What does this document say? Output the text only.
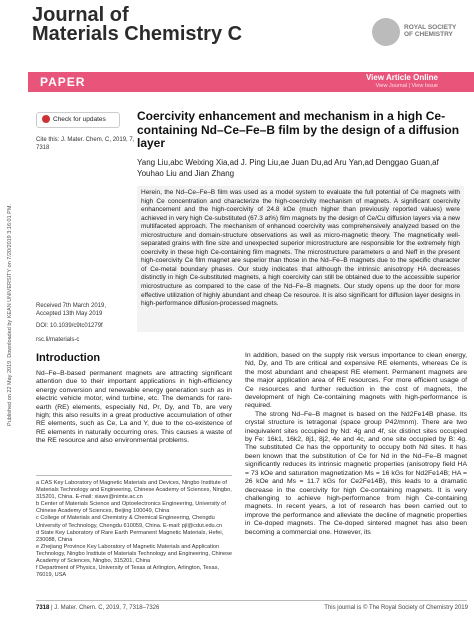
Journal of
Materials Chemistry C	ROYAL SOCIETY
OF CHEMISTRY
PAPER	View Article Online
View Journal | View Issue
Published on 22 May 2019. Downloaded by KEAN UNIVERSITY on 7/20/2019 3:16:01 PM.
Check for updates
Cite this: J. Mater. Chem. C, 2019, 7, 7318
Received 7th March 2019,
Accepted 13th May 2019
DOI: 10.1039/c9tc01279f
rsc.li/materials-c
Coercivity enhancement and mechanism in a high Ce-containing Nd–Ce–Fe–B film by the design of a diffusion layer
Yang Liu,abc Weixing Xia,ad J. Ping Liu,ae Juan Du,ad Aru Yan,ad Denggao Guan,af Youhao Liu and Jian Zhang

Herein, the Nd–Ce–Fe–B film was used as a model system to evaluate the full potential of Ce magnets with high Ce concentration and characterize the high-coercivity mechanism of magnets. A significant coercivity enhancement and the high-coercivity of 24.8 kOe (much higher than previously reported values) were achieved in very high Ce-substituted (67.3 at%) film magnets by the design of Ce/Cu diffusion layers via a new multifaceted approach. The mechanism of enhanced coercivity was comprehensively analyzed based on the microstructure and domain-structure observations as well as micro-magnetic theory. The magnetically well-separated grains with fine size and unexpected superior microstructure are responsible for the extremely high coercivity in these high Ce-containing film magnets. The microstructure parameters α and Neff in the present high-coercivity Ce film magnet are superior than those in the Nd–Fe–B magnets due to the specific character of Ce-metal boundary phases. Our study indicates that although the intrinsic anisotropy HA decreases distinctly in high Ce-substituted magnets, a high coercivity can still be obtained due to the accessible superior microstructure as compared to the case of the Nd–Fe–B magnets. Our study opens up the door for more effective utilization of highly abundant and cheap Ce resource. It is also significant for diffusion layer designs in high-performance diffusion-processed magnets.

Introduction

Nd–Fe–B-based permanent magnets are attracting significant attention due to their important applications in high-efficiency energy conversion and renewable energy generation such as in electric vehicle motor, wind turbine, etc. The demands for rare-earth (RE) elements, especially Nd, Pr, Dy, and Tb, are very high; this also results in a great productive accumulation of other RE elements, such as Ce, La and Y, due to the co-existence of RE elements in naturally occurring ores. This causes a waste of the RE resource and also environmental problems.

a CAS Key Laboratory of Magnetic Materials and Devices, Ningbo Institute of Materials Technology and Engineering, Chinese Academy of Sciences, Ningbo, 315201, China. E-mail: xiawx@nimte.ac.cn
b Center of Materials Science and Optoelectronics Engineering, University of Chinese Academy of Sciences, Beijing 100049, China
c College of Materials and Chemistry & Chemical Engineering, Chengdu University of Technology, Chengdu 610059, China. E-mail: pjl@cdut.edu.cn
d State Key Laboratory of Rare Earth Permanent Magnetic Materials, Hefei, 230088, China
e Zhejiang Province Key Laboratory of Magnetic Materials and Application Technology, Ningbo Institute of Materials Technology and Engineering, Chinese Academy of Sciences, Ningbo, 315201, China
f Department of Physics, University of Texas at Arlington, Arlington, Texas, 76019, USA

In addition, based on the supply risk versus importance to clean energy, Nd, Dy, and Tb are critical and expensive RE elements, whereas Ce is the most abundant and cheapest RE element. Permanent magnets are the major application area of RE resources. For more efficient usage of Ce resources and further reduction in the cost of magnets, the development of high Ce-containing magnets with high-performance is required.

The strong Nd–Fe–B magnet is based on the Nd2Fe14B phase. Its crystal structure is tetragonal (space group P42/mnm). There are two inequivalent sites occupied by Nd: 4g and 4f, six distinct sites occupied by Fe: 16k1, 16k2, 8j1, 8j2, 4e and 4c, and one site occupied by B: 4g. The substituted Ce has the opportunity to occupy both Nd sites. It has been known that the substitution of Ce for Nd in the Nd–Fe–B magnet significantly reduces its intrinsic magnetic properties (anisotropy field HA = 73 kOe and saturation magnetization Ms = 16 kGs for Nd2Fe14B; HA = 26 kOe and Ms = 11.7 kGs for Ce2Fe14B), this leads to a dramatic decrease in the coercivity for high Ce-containing magnets. It is very challenging to achieve high-performance from high Ce-containing magnets. In recent years, a lot of research has been carried out to improve the performance and alleviate the decline of magnetic properties in Ce-doped magnets. The Ce-doped sintered magnet has also been becoming a commercial one. However, its

7318 | J. Mater. Chem. C, 2019, 7, 7318–7326	This journal is © The Royal Society of Chemistry 2019
